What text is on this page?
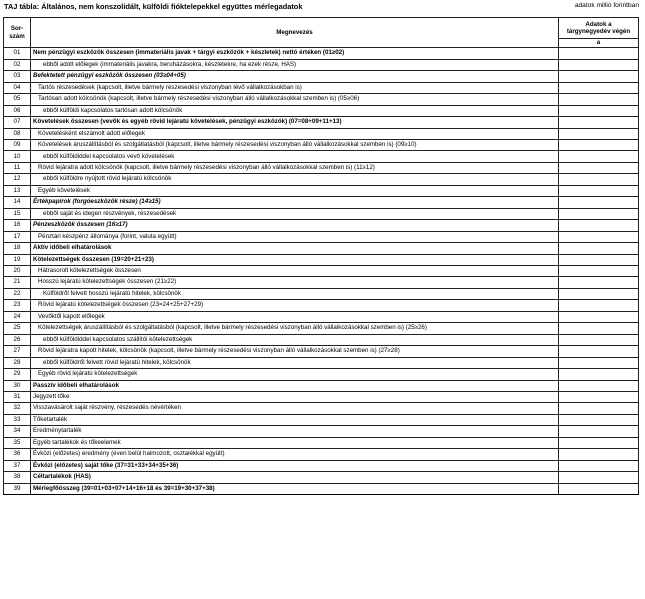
TAJ tábla: Általános, nem konszolidált, külföldi fióktelepekkel együttes mérlegadatok	adatok millió forintban
Sor-
szám	Megnevezés	Adatok a
tárgynegyedév végén
		a
01	Nem pénzügyi eszközök összesen (immateriális javak + tárgyi eszközök + készletek) nettó értéken (01≥02)	
02	ebből adott előlegek (immateriális javakra, beruházásokra, készletekre, ha ezek része, HAS)	
03	Befektetett pénzügyi eszközök összesen (03≥04+05)	
04	Tartós részesedések (kapcsolt, illetve bármely részesedési viszonyban lévő vállalkozásokban is)	
05	Tartósan adott kölcsönök (kapcsolt, illetve bármely részesedési viszonyban álló vállalkozásokkal szemben is) (05≥06)	
06	ebből külföldi kapcsolatos tartósan adott kölcsönök	
07	Követelések összesen (vevők és egyéb rövid lejáratú követelések, pénzügyi eszközök) (07=08+09+11+13)	
08	Követelésként elszámolt adott előlegek	
09	Követelések áruszállításból és szolgáltatásból (kapcsolt, illetve bármely részesedési viszonyban álló vállalkozásokkal szemben is) (09≥10)	
10	ebből külföldiddel kapcsolatos vevő követelések	
11	Rövid lejáratra adott kölcsönök (kapcsolt, illetve bármely részesedési viszonyban álló vállalkozásokkal szemben is) (11≥12)	
12	ebből külföldre nyújtott rövid lejáratú kölcsönök	
13	Egyéb követelések	
14	Értékpapírok (forgóeszközök része) (14≥15)	
15	ebből saját és idegen részvények, részesedések	
16	Pénzeszközök összesen (16≥17)	
17	Pénztári készpénz állománya (forint, valuta együtt)	
18	Aktív időbeli elhatárolások	
19	Kötelezettségek összesen (19=20+21+23)	
20	Hátrasorolt kötelezettségek összesen	
21	Hosszú lejáratú kötelezettségek összesen (21≥22)	
22	Külföldről felvett hosszú lejáratú hitelek, kölcsönök	
23	Rövid lejáratú kötelezettségek összesen (23=24+25+27+29)	
24	Vevőktől kapott előlegek	
25	Kötelezettségek áruszállításból és szolgáltatásból (kapcsolt, illetve bármely részesedési viszonyban álló vállalkozásokkal szemben is) (25≥26)	
26	ebből külföldiddel kapcsolatos szállítói kötelezettségek	
27	Rövid lejáratra kapott hitelek, kölcsönök (kapcsolt, illetve bármely részesedési viszonyban álló vállalkozásokkal szemben is) (27≥28)	
28	ebből külföldről felvett rövid lejáratú hitelek, kölcsönök	
29	Egyéb rövid lejáratú kötelezettségek	
30	Passzív időbeli elhatárolások	
31	Jegyzett tőke	
32	Visszavásárolt saját részvény, részesedés névértéken	
33	Tőketartalék	
34	Eredménytartalék	
35	Egyéb tartalékok és tőkeelemek	
36	Évközi (előzetes) eredmény (éven belül halmozott, osztalékkal együtt)	
37	Évközi (előzetes) saját tőke (37=31+33+34+35+36)	
38	Céltartalékok (HAS)	
39	Mérlegfőösszeg (39=01+03+07+14+16+18 és 39=19+30+37+38)	
